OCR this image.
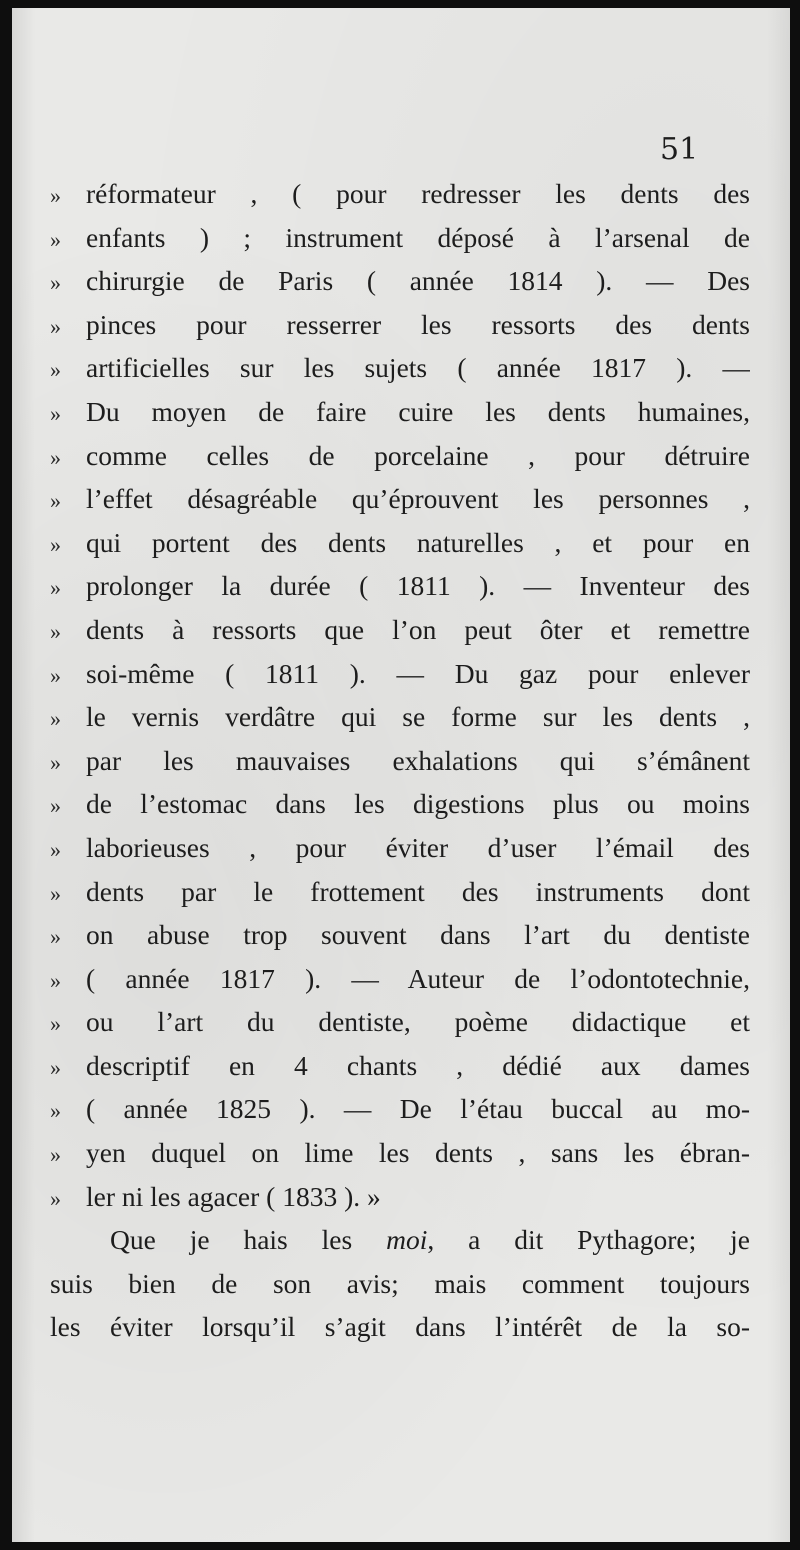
51
» réformateur , ( pour redresser les dents des
» enfants ) ; instrument déposé à l’arsenal de
» chirurgie de Paris ( année 1814 ). — Des
» pinces pour resserrer les ressorts des dents
» artificielles sur les sujets ( année 1817 ). —
» Du moyen de faire cuire les dents humaines,
» comme celles de porcelaine , pour détruire
» l’effet désagréable qu’éprouvent les personnes ,
» qui portent des dents naturelles , et pour en
» prolonger la durée ( 1811 ). — Inventeur des
» dents à ressorts que l’on peut ôter et remettre
» soi-même ( 1811 ). — Du gaz pour enlever
» le vernis verdâtre qui se forme sur les dents ,
» par les mauvaises exhalations qui s’émânent
» de l’estomac dans les digestions plus ou moins
» laborieuses , pour éviter d’user l’émail des
» dents par le frottement des instruments dont
» on abuse trop souvent dans l’art du dentiste
» ( année 1817 ). — Auteur de l’odontotechnie,
» ou l’art du dentiste, poème didactique et
» descriptif en 4 chants , dédié aux dames
» ( année 1825 ). — De l’étau buccal au mo-
» yen duquel on lime les dents , sans les ébran-
» ler ni les agacer ( 1833 ). »
Que je hais les moi, a dit Pythagore; je
suis bien de son avis; mais comment toujours
les éviter lorsqu’il s’agit dans l’intérêt de la so-
